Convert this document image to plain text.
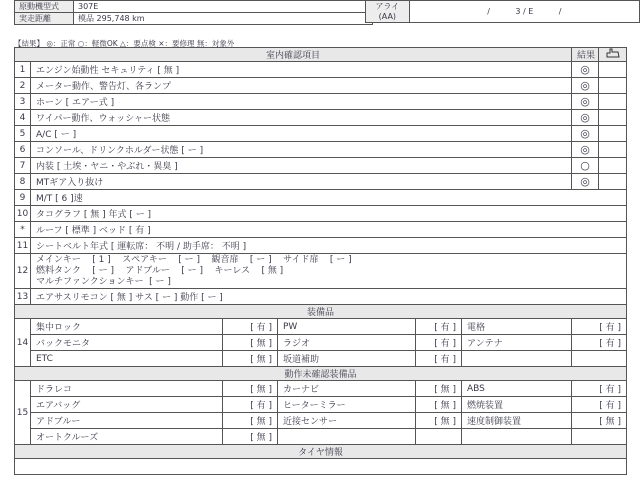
原動機型式	307E
実走距離	模品 295,748 km
アライ
(AA)	/          3 / E          /
【結果】 ◎：正常 ○：軽微OK △：要点検 ×：要修理 無：対象外
室内確認項目						結果	
1	エンジン始動性 セキュリティ [ 無 ]					◎	
2	メーター動作、警告灯、各ランプ					◎	
3	ホーン [ エアー式 ]					◎	
4	ワイパー動作、ウォッシャー状態					◎	
5	A/C [ ー ]					◎	
6	コンソール、ドリンクホルダー状態 [ ー ]					◎	
7	内装 [ 土埃・ヤニ・やぶれ・異臭 ]					○	
8	MTギア入り抜け					◎	
9	M/T [ 6 ]速						
10	タコグラフ [ 無 ] 年式 [ ー ]						
*	ルーフ [ 標準 ] ベッド [ 有 ]						
11	シートベルト年式 [ 運転席： 不明 / 助手席： 不明 ]						
12	メインキー    [ 1 ]    スペアキー    [ ー ]    観音扉    [ ー ]    サイド扉    [ ー ]
燃料タンク    [ ー ]    アドブルー    [ ー ]    キーレス    [ 無 ]
マルチファンクションキー  [ ー ]						

13	エアサスリモコン [ 無 ] サス [ ー ] 動作 [ ー ]						
装備品							
14	集中ロック	[ 有 ]	PW	[ 有 ]	電格	[ 有 ]	
	バックモニタ	[ 無 ]	ラジオ	[ 有 ]	アンテナ	[ 有 ]	
	ETC	[ 無 ]	坂道補助	[ 有 ]			
動作未確認装備品							
15	ドラレコ	[ 無 ]	カーナビ	[ 無 ]	ABS	[ 有 ]	
	エアバッグ	[ 有 ]	ヒーターミラー	[ 無 ]	燃焼装置	[ 有 ]	
	アドブルー	[ 無 ]	近接センサー	[ 無 ]	速度制御装置	[ 無 ]	
	オートクルーズ	[ 無 ]					
タイヤ情報							
